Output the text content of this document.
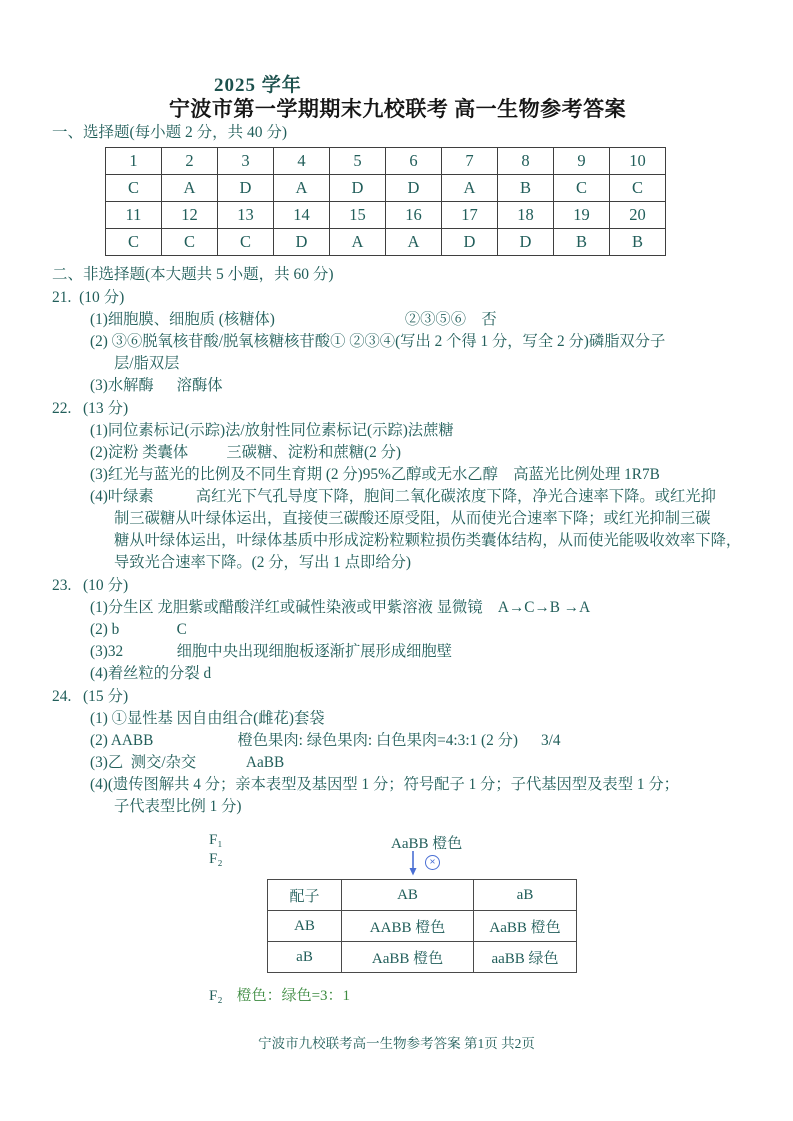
2025 学年
宁波市第一学期期末九校联考 高一生物参考答案
一、选择题(每小题 2 分，共 40 分)
1	2	3	4	5	6	7	8	9	10
C	A	D	A	D	D	A	B	C	C
11	12	13	14	15	16	17	18	19	20
C	C	C	D	A	A	D	D	B	B
二、非选择题(本大题共 5 小题，共 60 分)
21.  (10 分)
(1)细胞膜、细胞质 (核糖体)                                  ②③⑤⑥    否
(2) ③⑥脱氧核苷酸/脱氧核糖核苷酸① ②③④(写出 2 个得 1 分，写全 2 分)磷脂双分子
层/脂双层
(3)水解酶      溶酶体
22.   (13 分)
(1)同位素标记(示踪)法/放射性同位素标记(示踪)法蔗糖
(2)淀粉 类囊体          三碳糖、淀粉和蔗糖(2 分)
(3)红光与蓝光的比例及不同生育期 (2 分)95%乙醇或无水乙醇    高蓝光比例处理 1R7B
(4)叶绿素           高红光下气孔导度下降，胞间二氧化碳浓度下降，净光合速率下降。或红光抑
制三碳糖从叶绿体运出，直接使三碳酸还原受阻，从而使光合速率下降；或红光抑制三碳
糖从叶绿体运出，叶绿体基质中形成淀粉粒颗粒损伤类囊体结构，从而使光能吸收效率下降，
导致光合速率下降。(2 分，写出 1 点即给分)
23.   (10 分)
(1)分生区 龙胆紫或醋酸洋红或碱性染液或甲紫溶液 显微镜    A→C→B →A
(2) b               C
(3)32              细胞中央出现细胞板逐渐扩展形成细胞壁
(4)着丝粒的分裂 d
24.   (15 分)
(1) ①显性基 因自由组合(雌花)套袋
(2) AABB                      橙色果肉: 绿色果肉: 白色果肉=4:3:1 (2 分)      3/4
(3)乙  测交/杂交             AaBB
(4)(遗传图解共 4 分；亲本表型及基因型 1 分；符号配子 1 分；子代基因型及表型 1 分；
子代表型比例 1 分)
F₁
F₂
AaBB 橙色
×
配子	AB	aB
AB	AABB 橙色	AaBB 橙色
aB	AaBB 橙色	aaBB 绿色
F₂ 橙色：绿色=3：1
宁波市九校联考高一生物参考答案 第1页 共2页
